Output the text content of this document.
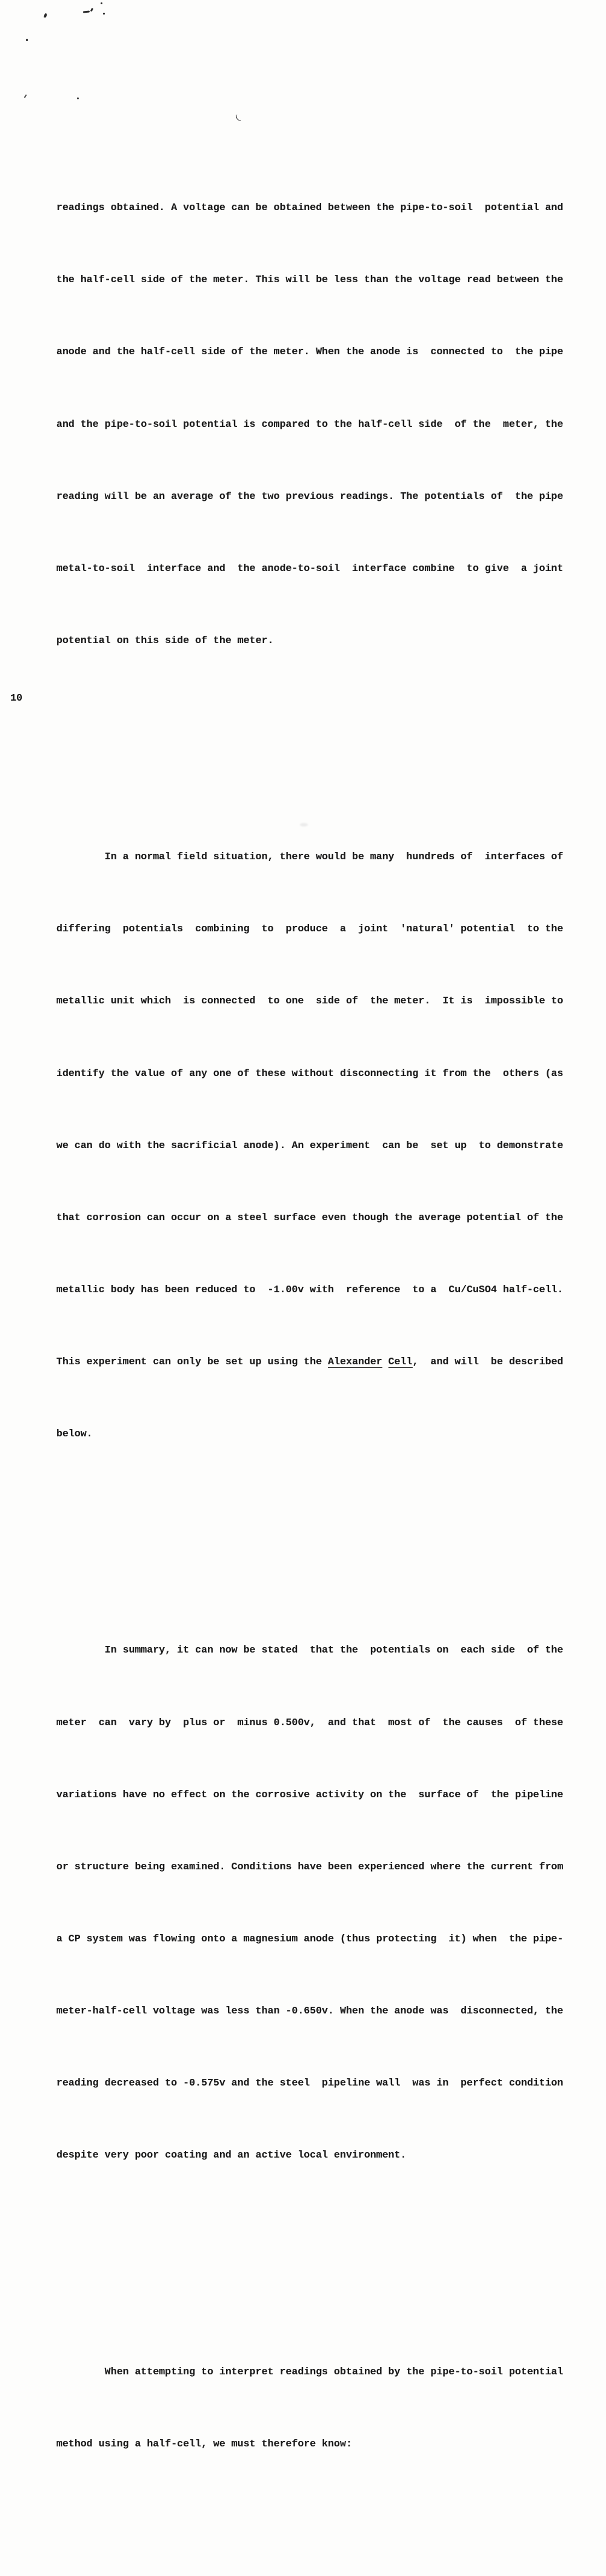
readings obtained. A voltage can be obtained between the pipe-to-soil  potential and

the half-cell side of the meter. This will be less than the voltage read between the

anode and the half-cell side of the meter. When the anode is  connected to  the pipe

and the pipe-to-soil potential is compared to the half-cell side  of the  meter, the

reading will be an average of the two previous readings. The potentials of  the pipe

metal-to-soil  interface and  the anode-to-soil  interface combine  to give  a joint

potential on this side of the meter.

In a normal field situation, there would be many  hundreds of  interfaces of

differing  potentials  combining  to  produce  a  joint  'natural' potential  to the

metallic unit which  is connected  to one  side of  the meter.  It is  impossible to

identify the value of any one of these without disconnecting it from the  others (as

we can do with the sacrificial anode). An experiment  can be  set up  to demonstrate

that corrosion can occur on a steel surface even though the average potential of the

metallic body has been reduced to  -1.00v with  reference  to a  Cu/CuSO4 half-cell.

This experiment can only be set up using the Alexander Cell,  and will  be described

below.

In summary, it can now be stated  that the  potentials on  each side  of the

meter  can  vary by  plus or  minus 0.500v,  and that  most of  the causes  of these

variations have no effect on the corrosive activity on the  surface of  the pipeline

or structure being examined. Conditions have been experienced where the current from

a CP system was flowing onto a magnesium anode (thus protecting  it) when  the pipe-

meter-half-cell voltage was less than -0.650v. When the anode was  disconnected, the

reading decreased to -0.575v and the steel  pipeline wall  was in  perfect condition

despite very poor coating and an active local environment.

When attempting to interpret readings obtained by the pipe-to-soil potential

method using a half-cell, we must therefore know:

10
